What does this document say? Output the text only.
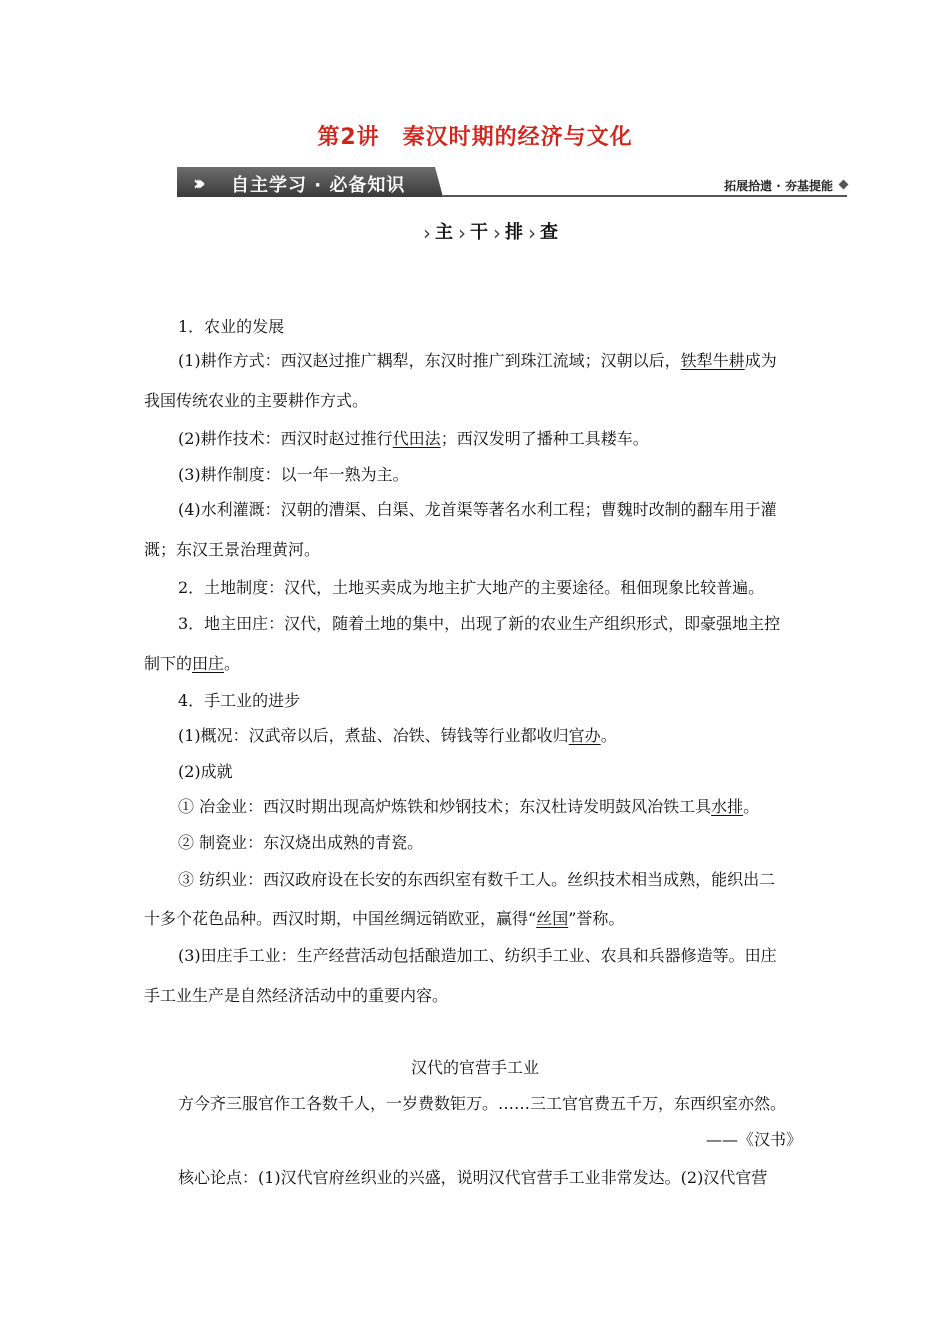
第2讲　秦汉时期的经济与文化
››› 自主学习 · 必备知识	拓展拾遗 · 夯基提能
› 主 › 干 › 排 › 查
1．农业的发展
(1)耕作方式：西汉赵过推广耦犁，东汉时推广到珠江流域；汉朝以后，铁犁牛耕成为
我国传统农业的主要耕作方式。
(2)耕作技术：西汉时赵过推行代田法；西汉发明了播种工具耧车。
(3)耕作制度：以一年一熟为主。
(4)水利灌溉：汉朝的漕渠、白渠、龙首渠等著名水利工程；曹魏时改制的翻车用于灌
溉；东汉王景治理黄河。
2．土地制度：汉代，土地买卖成为地主扩大地产的主要途径。租佃现象比较普遍。
3．地主田庄：汉代，随着土地的集中，出现了新的农业生产组织形式，即豪强地主控
制下的田庄。
4．手工业的进步
(1)概况：汉武帝以后，煮盐、冶铁、铸钱等行业都收归官办。
(2)成就
① 冶金业：西汉时期出现高炉炼铁和炒钢技术；东汉杜诗发明鼓风冶铁工具水排。
② 制瓷业：东汉烧出成熟的青瓷。
③ 纺织业：西汉政府设在长安的东西织室有数千工人。丝织技术相当成熟，能织出二
十多个花色品种。西汉时期，中国丝绸远销欧亚，赢得“丝国”誉称。
(3)田庄手工业：生产经营活动包括酿造加工、纺织手工业、农具和兵器修造等。田庄
手工业生产是自然经济活动中的重要内容。
汉代的官营手工业
方今齐三服官作工各数千人，一岁费数钜万。……三工官官费五千万，东西织室亦然。
——《汉书》
核心论点：(1)汉代官府丝织业的兴盛，说明汉代官营手工业非常发达。(2)汉代官营
